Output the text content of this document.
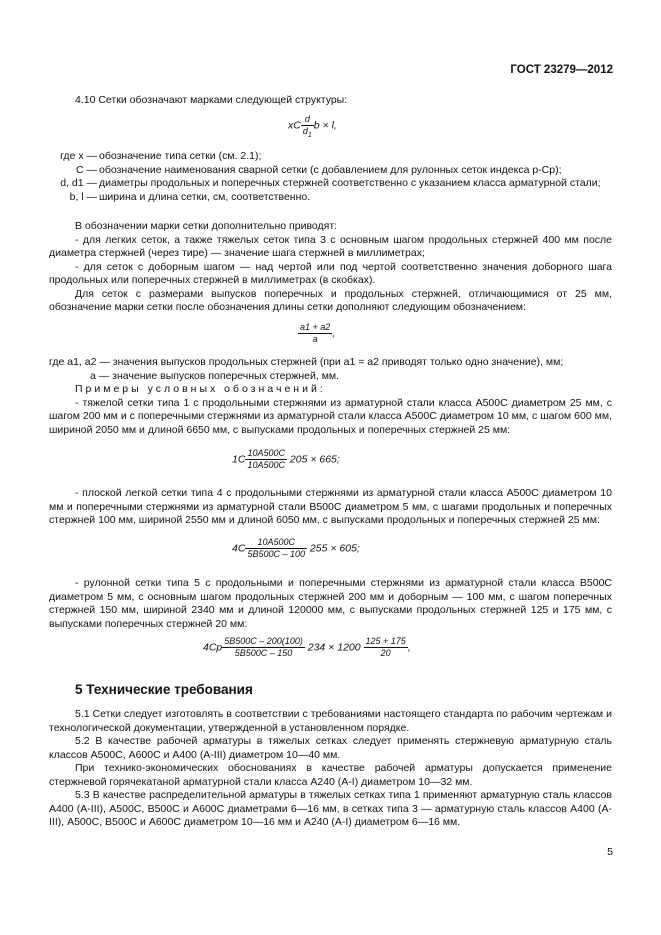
ГОСТ 23279—2012
4.10 Сетки обозначают марками следующей структуры:
xC $\frac{d}{d_1}$ b × l,
где x — обозначение типа сетки (см. 2.1);
C — обозначение наименования сварной сетки (с добавлением для рулонных сеток индекса р-Ср);
d, d1 — диаметры продольных и поперечных стержней соответственно с указанием класса арматурной стали;
b, l — ширина и длина сетки, см, соответственно.
В обозначении марки сетки дополнительно приводят:
- для легких сеток, а также тяжелых сеток типа 3 с основным шагом продольных стержней 400 мм после диаметра стержней (через тире) — значение шага стержней в миллиметрах;
- для сеток с доборным шагом — над чертой или под чертой соответственно значения доборного шага продольных или поперечных стержней в миллиметрах (в скобках).
Для сеток с размерами выпусков поперечных и продольных стержней, отличающимися от 25 мм, обозначение марки сетки после обозначения длины сетки дополняют следующим обозначением:
$\frac{a1 + a2}{a}$ ,
где a1, a2 — значения выпусков продольных стержней (при a1 = a2 приводят только одно значение), мм;
a — значение выпусков поперечных стержней, мм.
Примеры условных обозначений:
- тяжелой сетки типа 1 с продольными стержнями из арматурной стали класса А500С диаметром 25 мм, с шагом 200 мм и с поперечными стержнями из арматурной стали класса А500С диаметром 10 мм, с шагом 600 мм, шириной 2050 мм и длиной 6650 мм, с выпусками продольных и поперечных стержней 25 мм:
$1C \frac{10A500C}{10A500C} 205 \times 665$;
- плоской легкой сетки типа 4 с продольными стержнями из арматурной стали класса А500С диаметром 10 мм и поперечными стержнями из арматурной стали В500С диаметром 5 мм, с шагами продольных и поперечных стержней 100 мм, шириной 2550 мм и длиной 6050 мм, с выпусками продольных и поперечных стержней 25 мм:
$4C \frac{10A500C}{5B500C - 100} 255 \times 605$;
- рулонной сетки типа 5 с продольными и поперечными стержнями из арматурной стали класса В500С диаметром 5 мм, с основным шагом продольных стержней 200 мм и доборным — 100 мм, с шагом поперечных стержней 150 мм, шириной 2340 мм и длиной 120000 мм, с выпусками продольных стержней 125 и 175 мм, с выпусками поперечных стержней 20 мм:
$4Cp \frac{5B500C - 200(100)}{5B500C - 150} 234 \times 1200 \frac{125 + 175}{20}$ ,
5 Технические требования
5.1 Сетки следует изготовлять в соответствии с требованиями настоящего стандарта по рабочим чертежам и технологической документации, утвержденной в установленном порядке.
5.2 В качестве рабочей арматуры в тяжелых сетках следует применять стержневую арматурную сталь классов А500С, А600С и А400 (А-III) диаметром 10—40 мм.
При технико-экономических обоснованиях в качестве рабочей арматуры допускается применение стержневой горячекатаной арматурной стали класса А240 (А-I) диаметром 10—32 мм.
5.3 В качестве распределительной арматуры в тяжелых сетках типа 1 применяют арматурную сталь классов А400 (А-III), А500С, В500С и А600С диаметрами 6—16 мм, в сетках типа 3 — арматурную сталь классов А400 (А-III), А500С, В500С и А600С диаметром 10—16 мм и А240 (А-I) диаметром 6—16 мм.
5
